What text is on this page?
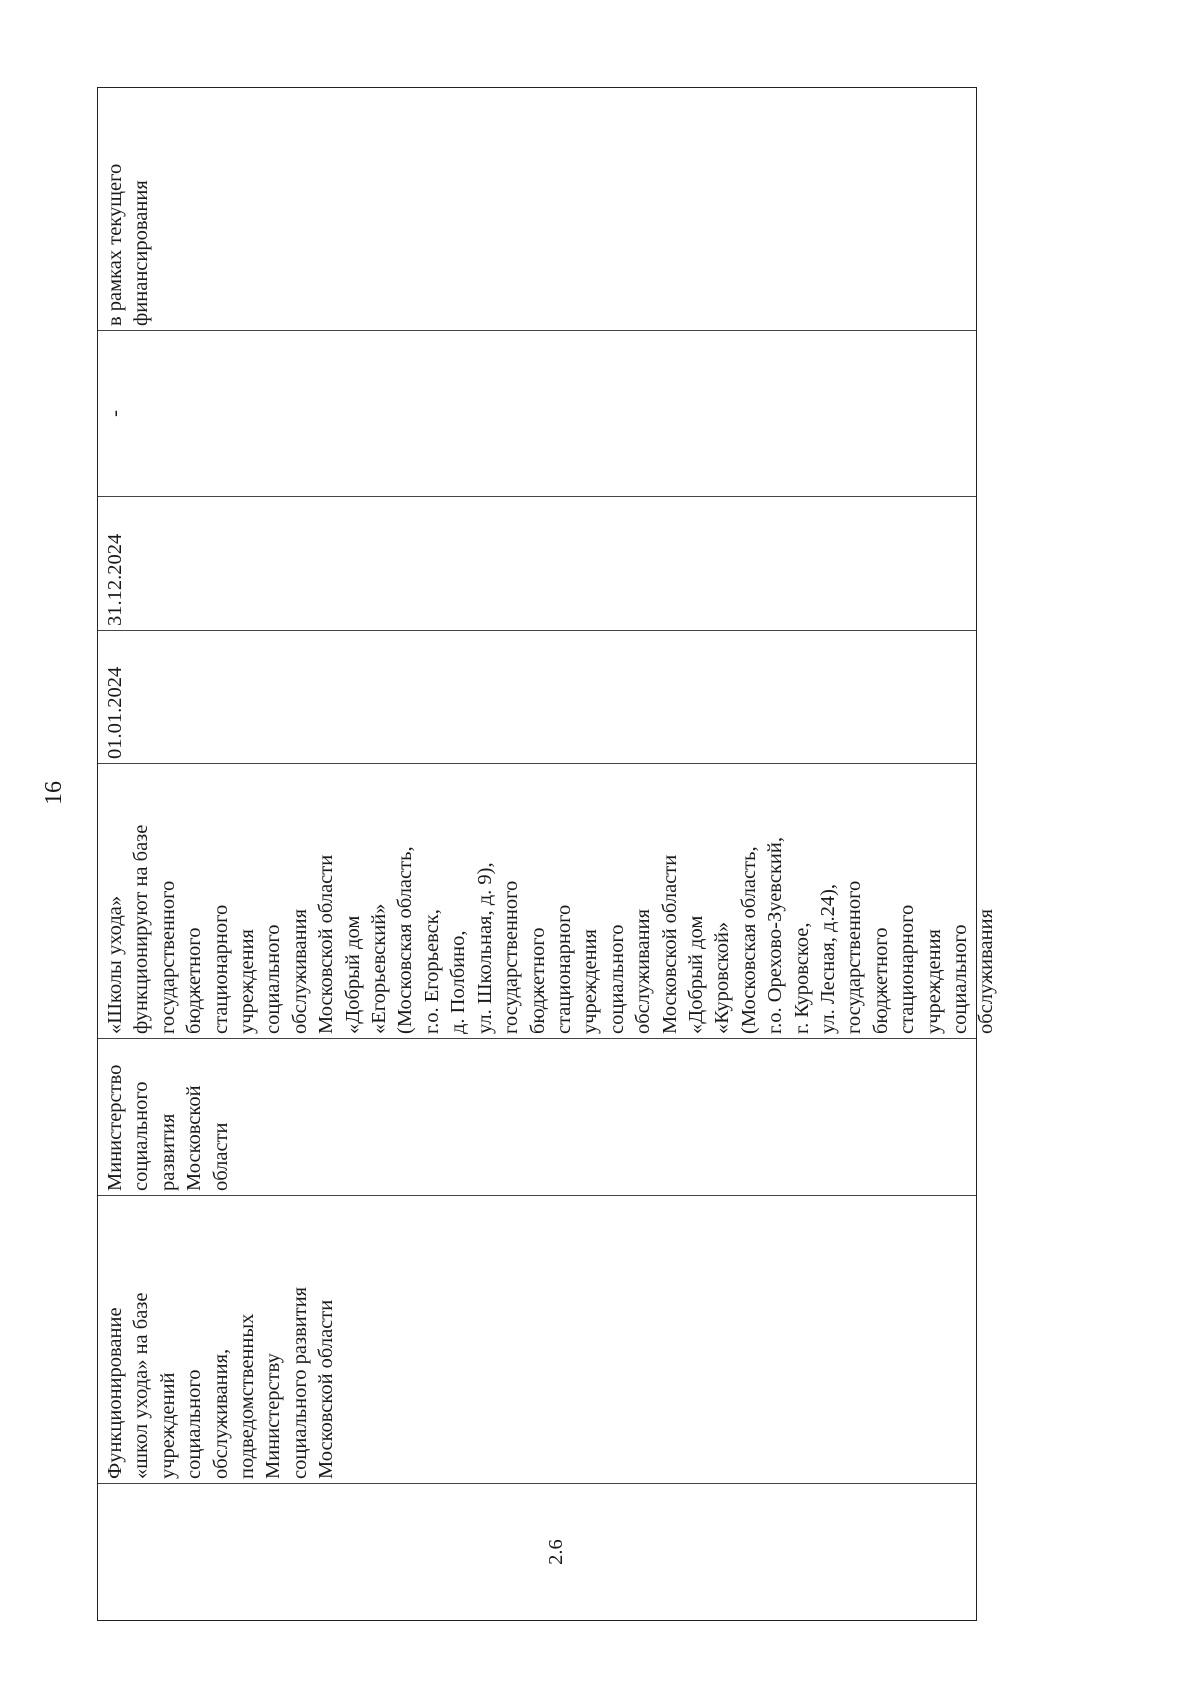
16
2.6
Функционирование «школ ухода» на базе учреждений социального обслуживания, подведомственных Министерству социального развития Московской области
Министерство социального развития Московской области
«Школы ухода» функционируют на базе государственного бюджетного стационарного учреждения социального обслуживания Московской области «Добрый дом «Егорьевский» (Московская область, г.о. Егорьевск, д. Полбино, ул. Школьная, д. 9), государственного бюджетного стационарного учреждения социального обслуживания Московской области «Добрый дом «Куровской» (Московская область, г.о. Орехово-Зуевский, г. Куровское, ул. Лесная, д.24), государственного бюджетного стационарного учреждения социального обслуживания
01.01.2024
31.12.2024
-
в рамках текущего финансирования
